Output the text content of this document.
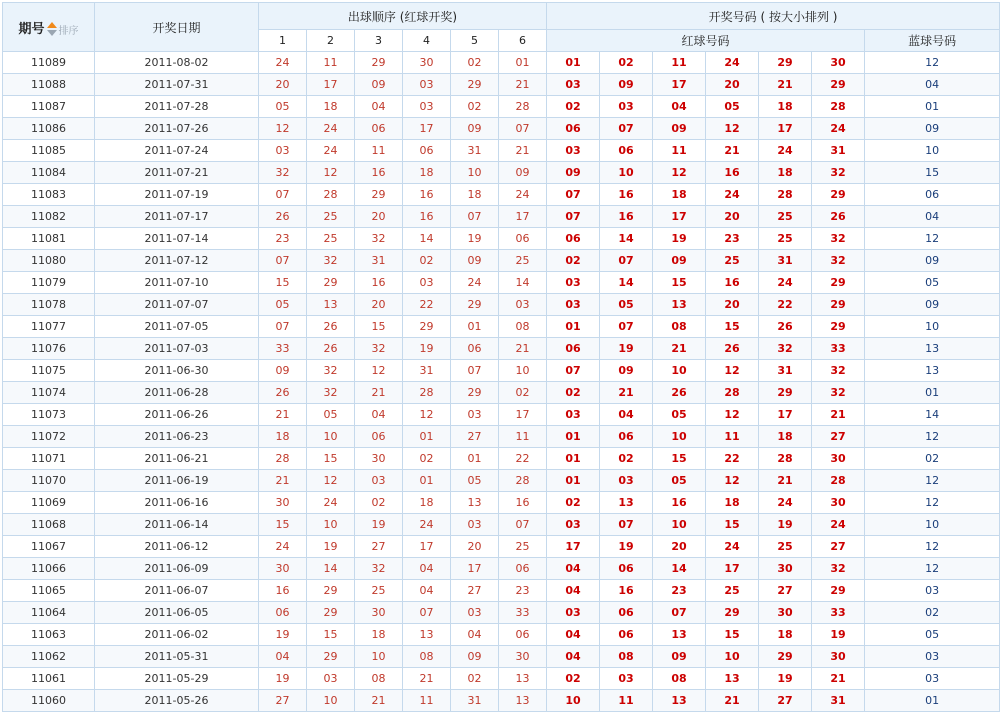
期号 排序	开奖日期	出球顺序 (红球开奖)						开奖号码 ( 按大小排列 )						
		1	2	3	4	5	6	红球号码						蓝球号码
11089	2011-08-02	24	11	29	30	02	01	01	02	11	24	29	30	12
11088	2011-07-31	20	17	09	03	29	21	03	09	17	20	21	29	04
11087	2011-07-28	05	18	04	03	02	28	02	03	04	05	18	28	01
11086	2011-07-26	12	24	06	17	09	07	06	07	09	12	17	24	09
11085	2011-07-24	03	24	11	06	31	21	03	06	11	21	24	31	10
11084	2011-07-21	32	12	16	18	10	09	09	10	12	16	18	32	15
11083	2011-07-19	07	28	29	16	18	24	07	16	18	24	28	29	06
11082	2011-07-17	26	25	20	16	07	17	07	16	17	20	25	26	04
11081	2011-07-14	23	25	32	14	19	06	06	14	19	23	25	32	12
11080	2011-07-12	07	32	31	02	09	25	02	07	09	25	31	32	09
11079	2011-07-10	15	29	16	03	24	14	03	14	15	16	24	29	05
11078	2011-07-07	05	13	20	22	29	03	03	05	13	20	22	29	09
11077	2011-07-05	07	26	15	29	01	08	01	07	08	15	26	29	10
11076	2011-07-03	33	26	32	19	06	21	06	19	21	26	32	33	13
11075	2011-06-30	09	32	12	31	07	10	07	09	10	12	31	32	13
11074	2011-06-28	26	32	21	28	29	02	02	21	26	28	29	32	01
11073	2011-06-26	21	05	04	12	03	17	03	04	05	12	17	21	14
11072	2011-06-23	18	10	06	01	27	11	01	06	10	11	18	27	12
11071	2011-06-21	28	15	30	02	01	22	01	02	15	22	28	30	02
11070	2011-06-19	21	12	03	01	05	28	01	03	05	12	21	28	12
11069	2011-06-16	30	24	02	18	13	16	02	13	16	18	24	30	12
11068	2011-06-14	15	10	19	24	03	07	03	07	10	15	19	24	10
11067	2011-06-12	24	19	27	17	20	25	17	19	20	24	25	27	12
11066	2011-06-09	30	14	32	04	17	06	04	06	14	17	30	32	12
11065	2011-06-07	16	29	25	04	27	23	04	16	23	25	27	29	03
11064	2011-06-05	06	29	30	07	03	33	03	06	07	29	30	33	02
11063	2011-06-02	19	15	18	13	04	06	04	06	13	15	18	19	05
11062	2011-05-31	04	29	10	08	09	30	04	08	09	10	29	30	03
11061	2011-05-29	19	03	08	21	02	13	02	03	08	13	19	21	03
11060	2011-05-26	27	10	21	11	31	13	10	11	13	21	27	31	01
